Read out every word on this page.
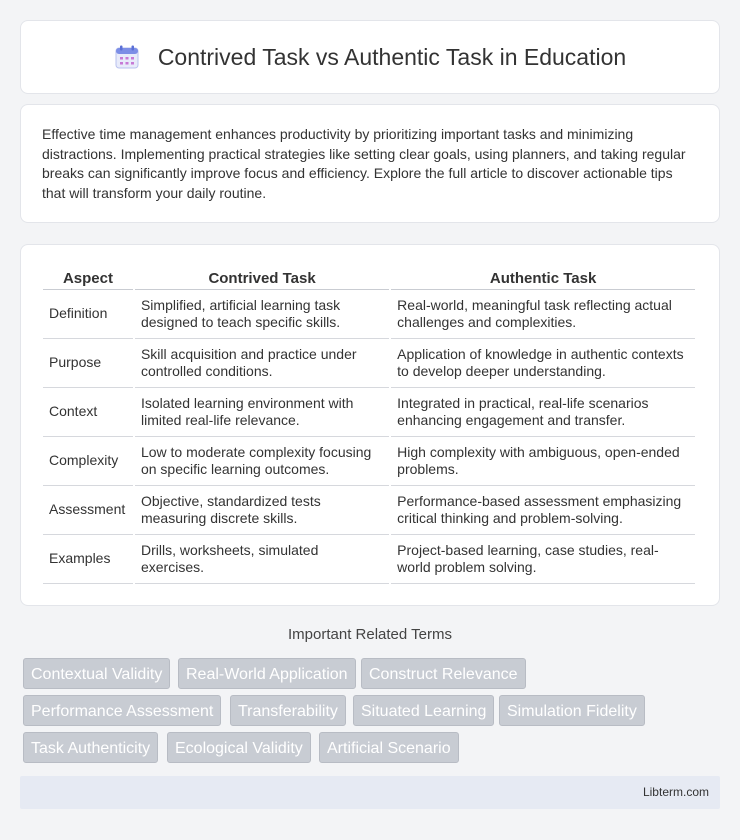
Contrived Task vs Authentic Task in Education

Effective time management enhances productivity by prioritizing important tasks and minimizing distractions. Implementing practical strategies like setting clear goals, using planners, and taking regular breaks can significantly improve focus and efficiency. Explore the full article to discover actionable tips that will transform your daily routine.

Aspect	Contrived Task	Authentic Task
Definition	Simplified, artificial learning task designed to teach specific skills.	Real-world, meaningful task reflecting actual challenges and complexities.
Purpose	Skill acquisition and practice under controlled conditions.	Application of knowledge in authentic contexts to develop deeper understanding.
Context	Isolated learning environment with limited real-life relevance.	Integrated in practical, real-life scenarios enhancing engagement and transfer.
Complexity	Low to moderate complexity focusing on specific learning outcomes.	High complexity with ambiguous, open-ended problems.
Assessment	Objective, standardized tests measuring discrete skills.	Performance-based assessment emphasizing critical thinking and problem-solving.
Examples	Drills, worksheets, simulated exercises.	Project-based learning, case studies, real-world problem solving.
Important Related Terms
Contextual Validity	Real-World Application	Construct Relevance
Performance Assessment	Transferability	Situated Learning	Simulation Fidelity
Task Authenticity	Ecological Validity	Artificial Scenario
Libterm.com
